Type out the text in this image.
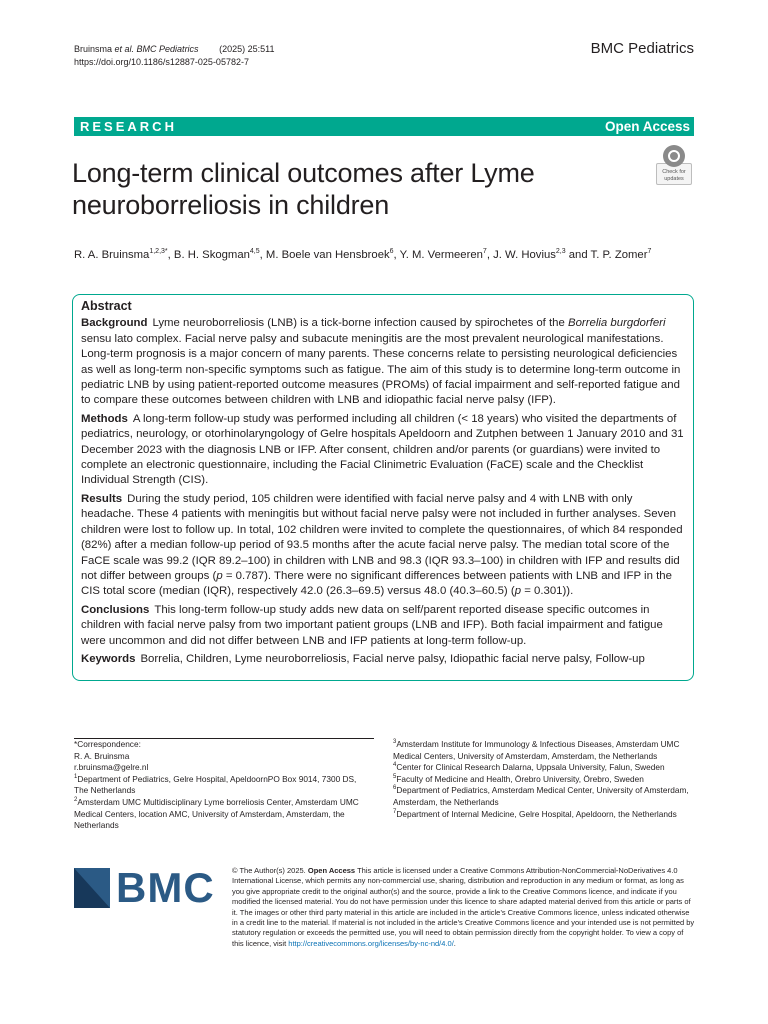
Bruinsma et al. BMC Pediatrics (2025) 25:511
https://doi.org/10.1186/s12887-025-05782-7
BMC Pediatrics
RESEARCH	Open Access
Long-term clinical outcomes after Lyme
neuroborreliosis in children
Check for
updates
R. A. Bruinsma$^{1,2,3*}$, B. H. Skogman$^{4,5}$, M. Boele van Hensbroek$^6$, Y. M. Vermeeren$^7$, J. W. Hovius$^{2,3}$ and T. P. Zomer$^7$
Abstract

Background Lyme neuroborreliosis (LNB) is a tick-borne infection caused by spirochetes of the Borrelia burgdorferi sensu lato complex. Facial nerve palsy and subacute meningitis are the most prevalent neurological manifestations. Long-term prognosis is a major concern of many parents. These concerns relate to persisting neurological deficiencies as well as long-term non-specific symptoms such as fatigue. The aim of this study is to determine long-term outcome in pediatric LNB by using patient-reported outcome measures (PROMs) of facial impairment and self-reported fatigue and to compare these outcomes between children with LNB and idiopathic facial nerve palsy (IFP).

Methods A long-term follow-up study was performed including all children (< 18 years) who visited the departments of pediatrics, neurology, or otorhinolaryngology of Gelre hospitals Apeldoorn and Zutphen between 1 January 2010 and 31 December 2023 with the diagnosis LNB or IFP. After consent, children and/or parents (or guardians) were invited to complete an electronic questionnaire, including the Facial Clinimetric Evaluation (FaCE) scale and the Checklist Individual Strength (CIS).

Results During the study period, 105 children were identified with facial nerve palsy and 4 with LNB with only headache. These 4 patients with meningitis but without facial nerve palsy were not included in further analyses. Seven children were lost to follow up. In total, 102 children were invited to complete the questionnaires, of which 84 responded (82%) after a median follow-up period of 93.5 months after the acute facial nerve palsy. The median total score of the FaCE scale was 99.2 (IQR 89.2–100) in children with LNB and 98.3 (IQR 93.3–100) in children with IFP and results did not differ between groups (p = 0.787). There were no significant differences between patients with LNB and IFP in the CIS total score (median (IQR), respectively 42.0 (26.3–69.5) versus 48.0 (40.3–60.5) (p = 0.301)).

Conclusions This long-term follow-up study adds new data on self/parent reported disease specific outcomes in children with facial nerve palsy from two important patient groups (LNB and IFP). Both facial impairment and fatigue were uncommon and did not differ between LNB and IFP patients at long-term follow-up.

Keywords Borrelia, Children, Lyme neuroborreliosis, Facial nerve palsy, Idiopathic facial nerve palsy, Follow-up

*Correspondence:
R. A. Bruinsma
r.bruinsma@gelre.nl
$^1$Department of Pediatrics, Gelre Hospital, ApeldoornPO Box 9014, 7300 DS, The Netherlands
$^2$Amsterdam UMC Multidisciplinary Lyme borreliosis Center, Amsterdam UMC Medical Centers, location AMC, University of Amsterdam, Amsterdam, the Netherlands
$^3$Amsterdam Institute for Immunology & Infectious Diseases, Amsterdam UMC Medical Centers, University of Amsterdam, Amsterdam, the Netherlands
$^4$Center for Clinical Research Dalarna, Uppsala University, Falun, Sweden
$^5$Faculty of Medicine and Health, Örebro University, Örebro, Sweden
$^6$Department of Pediatrics, Amsterdam Medical Center, University of Amsterdam, Amsterdam, the Netherlands
$^7$Department of Internal Medicine, Gelre Hospital, Apeldoorn, the Netherlands
BMC © The Author(s) 2025. Open Access This article is licensed under a Creative Commons Attribution-NonCommercial-NoDerivatives 4.0 International License, which permits any non-commercial use, sharing, distribution and reproduction in any medium or format, as long as you give appropriate credit to the original author(s) and the source, provide a link to the Creative Commons licence, and indicate if you modified the licensed material. You do not have permission under this licence to share adapted material derived from this article or parts of it. The images or other third party material in this article are included in the article’s Creative Commons licence, unless indicated otherwise in a credit line to the material. If material is not included in the article’s Creative Commons licence and your intended use is not permitted by statutory regulation or exceeds the permitted use, you will need to obtain permission directly from the copyright holder. To view a copy of this licence, visit http://creativecommons.org/licenses/by-nc-nd/4.0/.
